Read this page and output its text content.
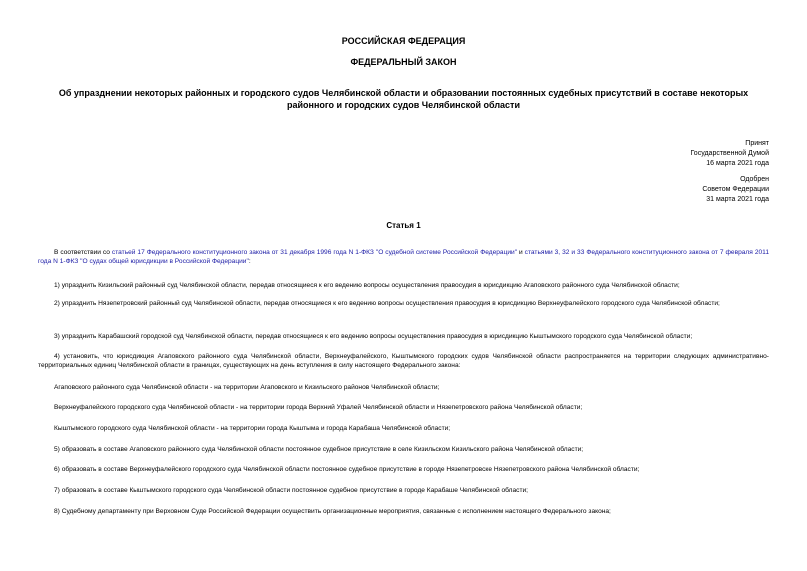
РОССИЙСКАЯ ФЕДЕРАЦИЯ
ФЕДЕРАЛЬНЫЙ ЗАКОН
Об упразднении некоторых районных и городского судов Челябинской области и образовании постоянных судебных присутствий в составе некоторых районного и городских судов Челябинской области
Принят
Государственной Думой
16 марта 2021 года
Одобрен
Советом Федерации
31 марта 2021 года
Статья 1
В соответствии со статьей 17 Федерального конституционного закона от 31 декабря 1996 года N 1-ФКЗ "О судебной системе Российской Федерации" и статьями 3, 32 и 33 Федерального конституционного закона от 7 февраля 2011 года N 1-ФКЗ "О судах общей юрисдикции в Российской Федерации":
1) упразднить Кизильский районный суд Челябинской области, передав относящиеся к его ведению вопросы осуществления правосудия в юрисдикцию Агаповского районного суда Челябинской области;
2) упразднить Нязепетровский районный суд Челябинской области, передав относящиеся к его ведению вопросы осуществления правосудия в юрисдикцию Верхнеуфалейского городского суда Челябинской области;
3) упразднить Карабашский городской суд Челябинской области, передав относящиеся к его ведению вопросы осуществления правосудия в юрисдикцию Кыштымского городского суда Челябинской области;
4) установить, что юрисдикция Агаповского районного суда Челябинской области, Верхнеуфалейского, Кыштымского городских судов Челябинской области распространяется на территории следующих административно-территориальных единиц Челябинской области в границах, существующих на день вступления в силу настоящего Федерального закона:
Агаповского районного суда Челябинской области - на территории Агаповского и Кизильского районов Челябинской области;
Верхнеуфалейского городского суда Челябинской области - на территории города Верхний Уфалей Челябинской области и Нязепетровского района Челябинской области;
Кыштымского городского суда Челябинской области - на территории города Кыштыма и города Карабаша Челябинской области;
5) образовать в составе Агаповского районного суда Челябинской области постоянное судебное присутствие в селе Кизильском Кизильского района Челябинской области;
6) образовать в составе Верхнеуфалейского городского суда Челябинской области постоянное судебное присутствие в городе Нязепетровске Нязепетровского района Челябинской области;
7) образовать в составе Кыштымского городского суда Челябинской области постоянное судебное присутствие в городе Карабаше Челябинской области;
8) Судебному департаменту при Верховном Суде Российской Федерации осуществить организационные мероприятия, связанные с исполнением настоящего Федерального закона;
